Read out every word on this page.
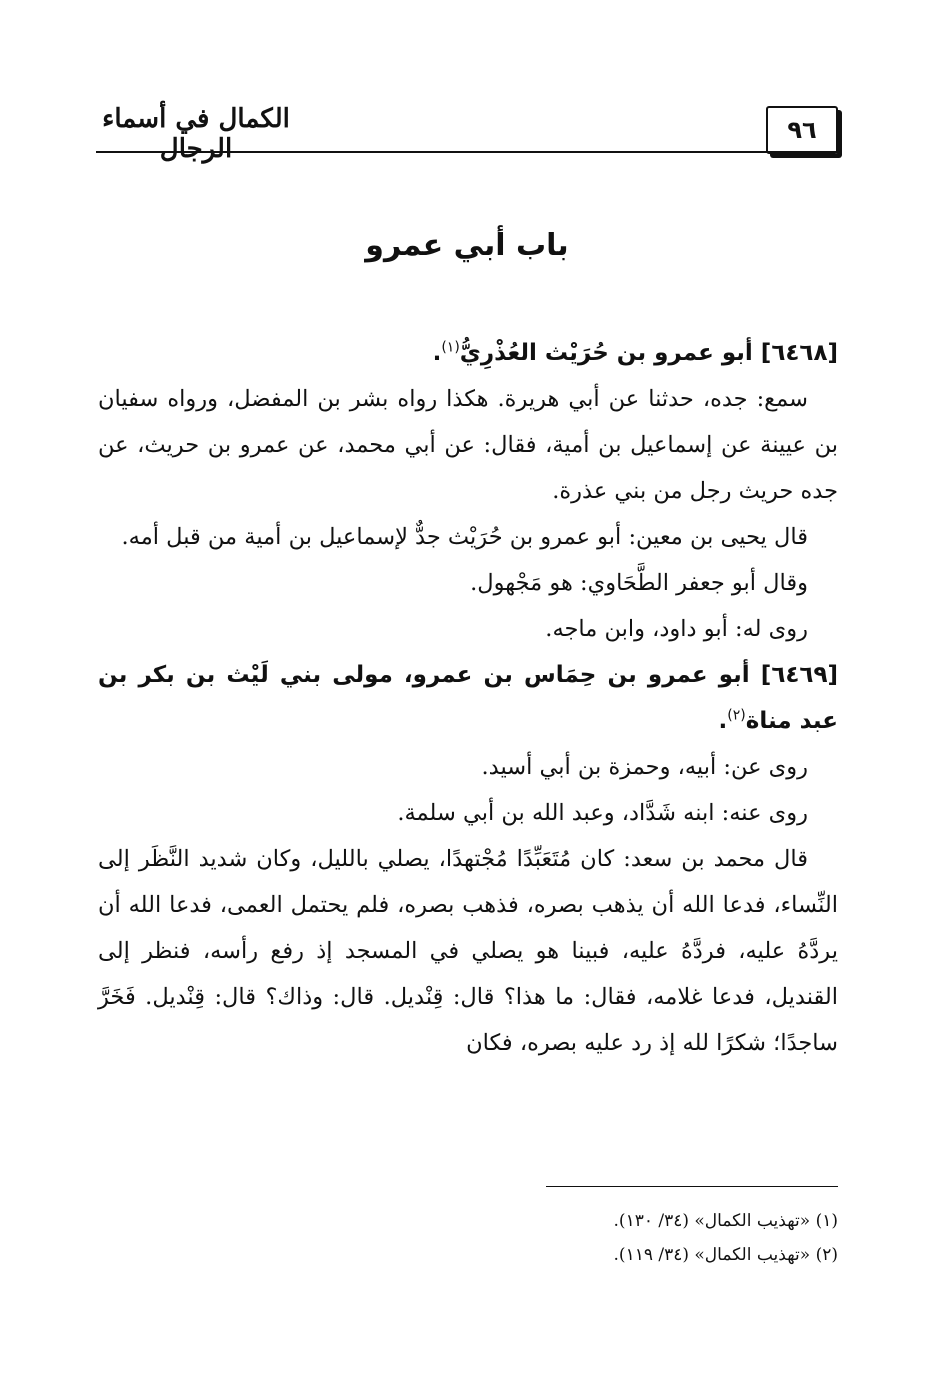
٩٦
الكمال في أسماء الرجال
باب أبي عمرو

[٦٤٦٨] أبو عمرو بن حُرَيْث العُذْرِيُّ$^{(١)}$.

سمع: جده، حدثنا عن أبي هريرة. هكذا رواه بشر بن المفضل، ورواه سفيان بن عيينة عن إسماعيل بن أمية، فقال: عن أبي محمد، عن عمرو بن حريث، عن جده حريث رجل من بني عذرة.

قال يحيى بن معين: أبو عمرو بن حُرَيْث جدٌّ لإسماعيل بن أمية من قبل أمه.

وقال أبو جعفر الطَّحَاوي: هو مَجْهول.

روى له: أبو داود، وابن ماجه.

[٦٤٦٩] أبو عمرو بن حِمَاس بن عمرو، مولى بني لَيْث بن بكر بن عبد مناة$^{(٢)}$.

روى عن: أبيه، وحمزة بن أبي أسيد.

روى عنه: ابنه شَدَّاد، وعبد الله بن أبي سلمة.

قال محمد بن سعد: كان مُتَعَبِّدًا مُجْتهدًا، يصلي بالليل، وكان شديد النَّظَر إلى النِّساء، فدعا الله أن يذهب بصره، فذهب بصره، فلم يحتمل العمى، فدعا الله أن يردَّهُ عليه، فردَّهُ عليه، فبينا هو يصلي في المسجد إذ رفع رأسه، فنظر إلى القنديل، فدعا غلامه، فقال: ما هذا؟ قال: قِنْديل. قال: وذاك؟ قال: قِنْديل. فَخَرَّ ساجدًا؛ شكرًا لله إذ رد عليه بصره، فكان

(١) «تهذيب الكمال» (٣٤/ ١٣٠).

(٢) «تهذيب الكمال» (٣٤/ ١١٩).
